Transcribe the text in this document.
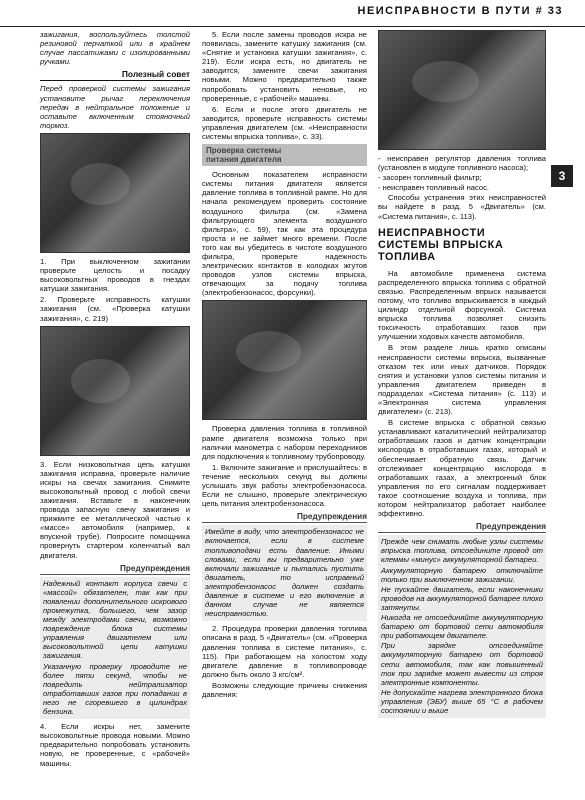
НЕИСПРАВНОСТИ В ПУТИ # 33
3

зажигания, воспользуйтесь толстой резиновой перчаткой или в крайнем случае пассатижами с изолированными ручками.

Полезный совет

Перед проверкой системы зажигания установите рычаг переключения передач в нейтральное положение и оставьте включенным стояночный тормоз.

1. При выключенном зажигании проверьте целость и посадку высоковольтных проводов в гнездах катушки зажигания.

2. Проверьте исправность катушки зажигания (см. «Проверка катушки зажигания», с. 219)

3. Если низковольтная цепь катушки зажигания исправна, проверьте наличие искры на свечах зажигания. Снимите высоковольтный провод с любой свечи зажигания. Вставьте в наконечник провода запасную свечу зажигания и прижмите ее металлической частью к «массе» автомобиля (например, к впускной трубе). Попросите помощника провернуть стартером коленчатый вал двигателя.

Предупреждения

Надежный контакт корпуса свечи с «массой» обязателен, так как при появлении дополнительного искрового промежутка, большего, чем зазор между электродами свечи, возможно повреждение блока системы управления двигателем или высоковольтной цепи катушки зажигания.

Указанную проверку проводите не более пяти секунд, чтобы не повредить нейтрализатор отработавших газов при попадании в него не сгоревшего в цилиндрах бензина.

4. Если искры нет, замените высоковольтные провода новыми. Можно предварительно попробовать установить новую, не проверенные, с «рабочей» машины.

5. Если после замены проводов искра не появилась, замените катушку зажигания (см. «Снятие и установка катушки зажигания», с. 219). Если искра есть, но двигатель не заводится, замените свечи зажигания новыми. Можно предварительно также попробовать установить неновые, но проверенные, с «рабочей» машины.

6. Если и после этого двигатель не заводится, проверьте исправность системы управления двигателем (см. «Неисправности системы впрыска топлива», с. 33).

Проверка системы
питания двигателя

Основным показателем исправности системы питания двигателя является давление топлива в топливной рампе. Но для начала рекомендуем проверить состояние воздушного фильтра (см. «Замена фильтрующего элемента воздушного фильтра», с. 59), так как эта процедура проста и не займет много времени. После того как вы убедитесь в чистоте воздушного фильтра, проверьте надежность электрических контактов в колодках жгутов проводов узлов системы впрыска, отвечающих за подачу топлива (электробензонасос, форсунки).

Проверка давления топлива в топливной рампе двигателя возможна только при наличии манометра с набором переходников для подключения к топливному трубопроводу.

1. Включите зажигание и прислушайтесь: в течение нескольких секунд вы должны услышать звук работы электробензонасоса. Если не слышно, проверьте электрическую цепь питания электробензонасоса.

Предупреждения

Имейте в виду, что электробензонасос не включается, если в системе топливоподачи есть давление. Иными словами, если вы предварительно уже включали зажигание и пытались пустить двигатель, то исправный электробензонасос должен создать давление в системе и его включение в данном случае не является неисправностью.

2. Процедура проверки давления топлива описана в разд. 5 «Двигатель» (см. «Проверка давления топлива в системе питания», с. 115). При работающем на холостом ходу двигателе давление в топливопроводе должно быть около 3 кгс/см².

Возможны следующие причины снижения давления:

- неисправен регулятор давления топлива (установлен в модуле топливного насоса);

- засорен топливный фильтр;

- неисправен топливный насос.

Способы устранения этих неисправностей вы найдете в разд. 5 «Двигатель» (см. «Система питания», с. 113).

НЕИСПРАВНОСТИ
СИСТЕМЫ ВПРЫСКА
ТОПЛИВА

На автомобиле применена система распределенного впрыска топлива с обратной связью. Распределенным впрыск называется потому, что топливо впрыскивается в каждый цилиндр отдельной форсункой. Система впрыска топлива позволяет снизить токсичность отработавших газов при улучшении ходовых качеств автомобиля.

В этом разделе лишь кратко описаны неисправности системы впрыска, вызванные отказом тех или иных датчиков. Порядок снятия и установки узлов системы питания и управления двигателем приведен в подразделах «Система питания» (с. 113) и «Электронная система управления двигателем» (с. 213).

В системе впрыска с обратной связью устанавливают каталитический нейтрализатор отработавших газов и датчик концентрации кислорода в отработавших газах, который и обеспечивает обратную связь. Датчик отслеживает концентрацию кислорода в отработавших газах, а электронный блок управления по его сигналам поддерживает такое соотношение воздуха и топлива, при котором нейтрализатор работает наиболее эффективно.

Предупреждения

Прежде чем снимать любые узлы системы впрыска топлива, отсоедините провод от клеммы «минус» аккумуляторной батареи.

Аккумуляторную батарею отключайте только при выключенном зажигании.

Не пускайте двигатель, если наконечники проводов на аккумуляторной батарее плохо затянуты.

Никогда не отсоединяйте аккумуляторную батарею от бортовой сети автомобиля при работающем двигателе.

При зарядке отсоединяйте аккумуляторную батарею от бортовой сети автомобиля, так как повышенный ток при зарядке может вывести из строя электронные компоненты.

Не допускайте нагрева электронного блока управления (ЭБУ) выше 65 °С в рабочем состоянии и выше
